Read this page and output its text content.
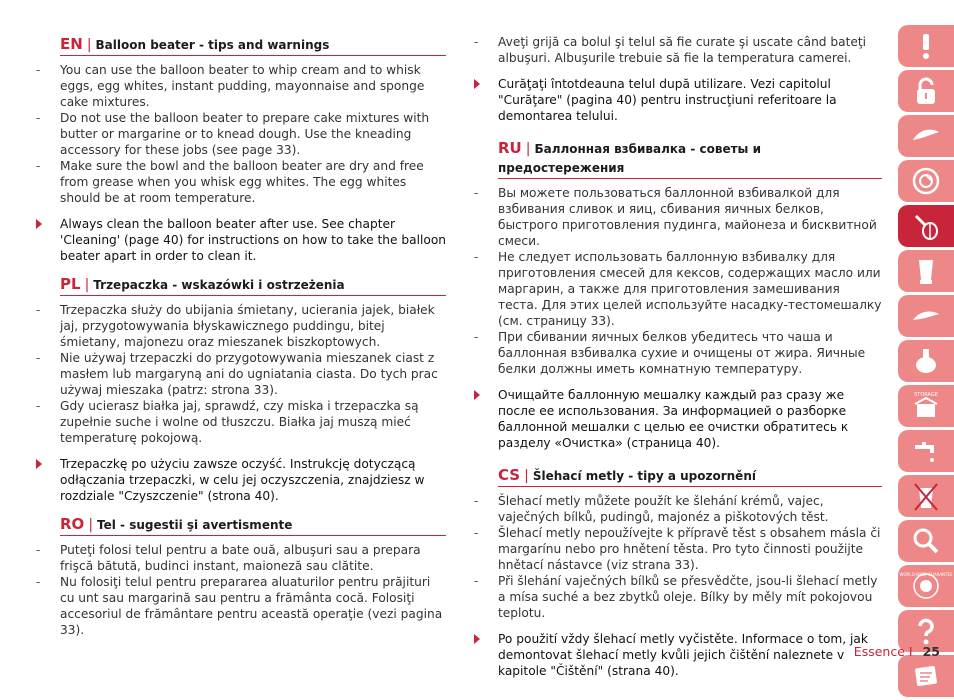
EN | Balloon beater - tips and warnings
- You can use the balloon beater to whip cream and to whisk eggs, egg whites, instant pudding, mayonnaise and sponge cake mixtures.
- Do not use the balloon beater to prepare cake mixtures with butter or margarine or to knead dough. Use the kneading accessory for these jobs (see page 33).
- Make sure the bowl and the balloon beater are dry and free from grease when you whisk egg whites. The egg whites should be at room temperature.
Always clean the balloon beater after use. See chapter 'Cleaning' (page 40) for instructions on how to take the balloon beater apart in order to clean it.
PL | Trzepaczka - wskazówki i ostrzeżenia
- Trzepaczka służy do ubijania śmietany, ucierania jajek, białek jaj, przygotowywania błyskawicznego puddingu, bitej śmietany, majonezu oraz mieszanek biszkoptowych.
- Nie używaj trzepaczki do przygotowywania mieszanek ciast z masłem lub margaryną ani do ugniatania ciasta. Do tych prac używaj mieszaka (patrz: strona 33).
- Gdy ucierasz białka jaj, sprawdź, czy miska i trzepaczka są zupełnie suche i wolne od tłuszczu. Białka jaj muszą mieć temperaturę pokojową.
Trzepaczkę po użyciu zawsze oczyść. Instrukcję dotyczącą odłączania trzepaczki, w celu jej oczyszczenia, znajdziesz w rozdziale "Czyszczenie" (strona 40).
RO | Tel - sugestii şi avertismente
- Puteţi folosi telul pentru a bate ouă, albuşuri sau a prepara frişcă bătută, budinci instant, maioneză sau clătite.
- Nu folosiţi telul pentru prepararea aluaturilor pentru prăjituri cu unt sau margarină sau pentru a frământa cocă. Folosiţi accesoriul de frământare pentru această operaţie (vezi pagina 33).
- Aveţi grijă ca bolul şi telul să fie curate şi uscate când bateţi albuşuri. Albuşurile trebuie să fie la temperatura camerei.
Curăţaţi întotdeauna telul după utilizare. Vezi capitolul "Curăţare" (pagina 40) pentru instrucţiuni referitoare la demontarea telului.
RU | Баллонная взбивалка - советы и предостережения
- Вы можете пользоваться баллонной взбивалкой для взбивания сливок и яиц, сбивания яичных белков, быстрого приготовления пудинга, майонеза и бисквитной смеси.
- Не следует использовать баллонную взбивалку для приготовления смесей для кексов, содержащих масло или маргарин, а также для приготовления замешивания теста. Для этих целей используйте насадку-тестомешалку (см. страницу 33).
- При сбивании яичных белков убедитесь что чаша и баллонная взбивалка сухие и очищены от жира. Яичные белки должны иметь комнатную температуру.
Очищайте баллонную мешалку каждый раз сразу же после ее использования. За информацией о разборке баллонной мешалки с целью ее очистки обратитесь к разделу «Очистка» (страница 40).
CS | Šlehací metly - tipy a upozornění
- Šlehací metly můžete použít ke šlehání krémů, vajec, vaječných bílků, pudingů, majonéz a piškotových těst.
- Šlehací metly nepoužívejte k přípravě těst s obsahem másla či margarínu nebo pro hnětení těsta. Pro tyto činnosti použijte hnětací nástavce (viz strana 33).
- Při šlehání vaječných bílků se přesvědčte, jsou-li šlehací metly a mísa suché a bez zbytků oleje. Bílky by měly mít pokojovou teplotu.
Po použití vždy šlehací metly vyčistěte. Informace o tom, jak demontovat šlehací metly kvůli jejich čištění naleznete v kapitole "Čištění" (strana 40).
STORAGE
WORLD-WIDE GUARANTEE
Essence I 25
